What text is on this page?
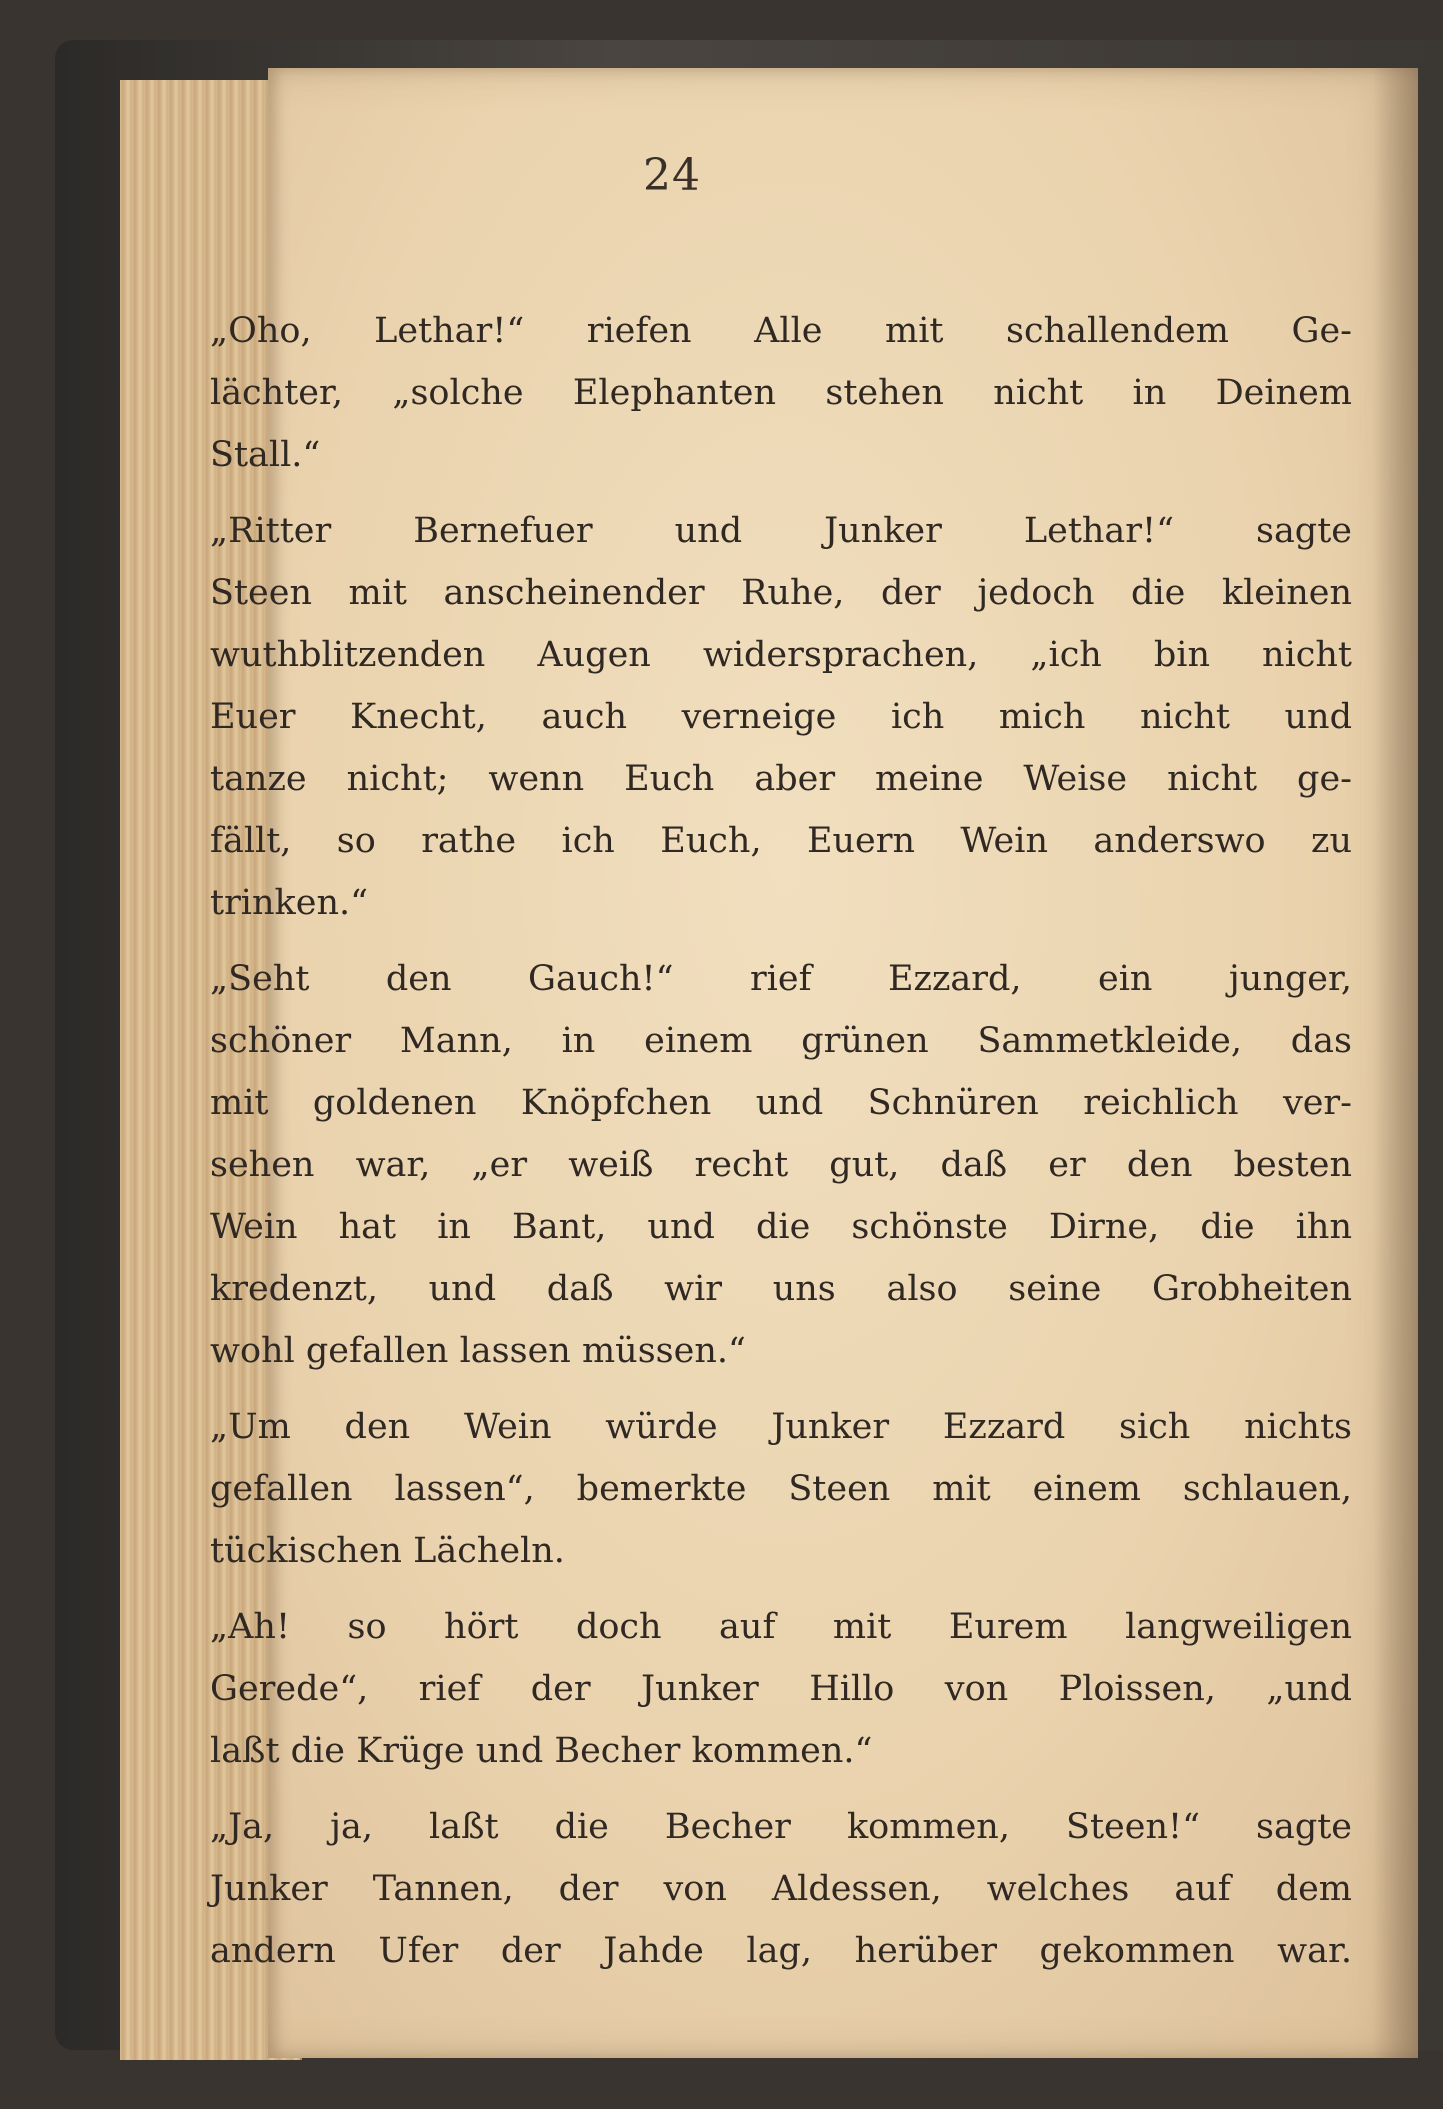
24
„Oho, Lethar!“ riefen Alle mit schallendem Ge-
lächter, „solche Elephanten stehen nicht in Deinem
Stall.“
„Ritter Bernefuer und Junker Lethar!“ sagte
Steen mit anscheinender Ruhe, der jedoch die kleinen
wuthblitzenden Augen widersprachen, „ich bin nicht
Euer Knecht, auch verneige ich mich nicht und
tanze nicht; wenn Euch aber meine Weise nicht ge-
fällt, so rathe ich Euch, Euern Wein anderswo zu
trinken.“
„Seht den Gauch!“ rief Ezzard, ein junger,
schöner Mann, in einem grünen Sammetkleide, das
mit goldenen Knöpfchen und Schnüren reichlich ver-
sehen war, „er weiß recht gut, daß er den besten
Wein hat in Bant, und die schönste Dirne, die ihn
kredenzt, und daß wir uns also seine Grobheiten
wohl gefallen lassen müssen.“
„Um den Wein würde Junker Ezzard sich nichts
gefallen lassen“, bemerkte Steen mit einem schlauen,
tückischen Lächeln.
„Ah! so hört doch auf mit Eurem langweiligen
Gerede“, rief der Junker Hillo von Ploissen, „und
laßt die Krüge und Becher kommen.“
„Ja, ja, laßt die Becher kommen, Steen!“ sagte
Junker Tannen, der von Aldessen, welches auf dem
andern Ufer der Jahde lag, herüber gekommen war.
